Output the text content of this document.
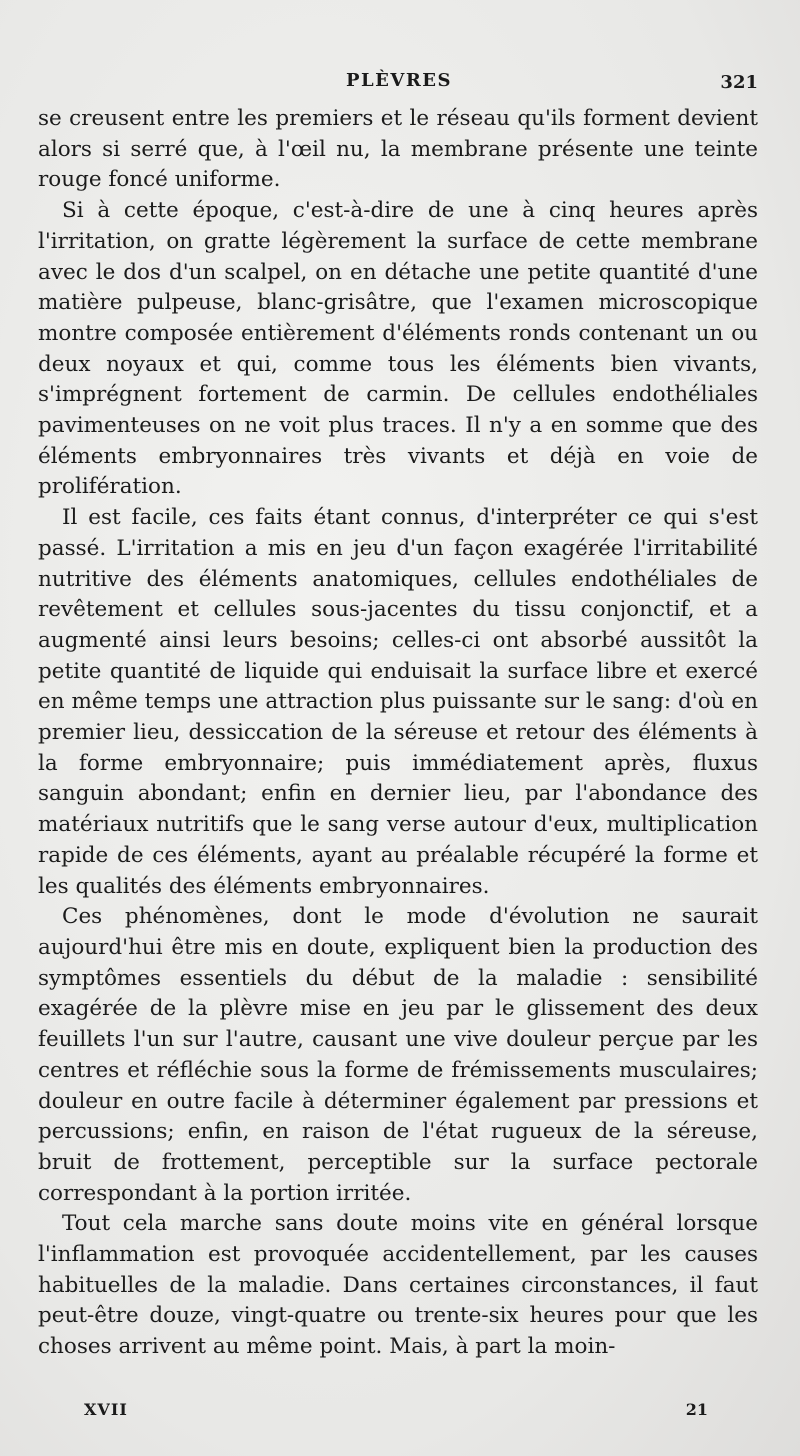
PLÈVRES	321

se creusent entre les premiers et le réseau qu'ils forment devient alors si serré que, à l'œil nu, la membrane présente une teinte rouge foncé uniforme.

Si à cette époque, c'est-à-dire de une à cinq heures après l'irritation, on gratte légèrement la surface de cette membrane avec le dos d'un scalpel, on en détache une petite quantité d'une matière pulpeuse, blanc-grisâtre, que l'examen microscopique montre composée entièrement d'éléments ronds contenant un ou deux noyaux et qui, comme tous les éléments bien vivants, s'imprégnent fortement de carmin. De cellules endothéliales pavimenteuses on ne voit plus traces. Il n'y a en somme que des éléments embryonnaires très vivants et déjà en voie de prolifération.

Il est facile, ces faits étant connus, d'interpréter ce qui s'est passé. L'irritation a mis en jeu d'un façon exagérée l'irritabilité nutritive des éléments anatomiques, cellules endothéliales de revêtement et cellules sous-jacentes du tissu conjonctif, et a augmenté ainsi leurs besoins; celles-ci ont absorbé aussitôt la petite quantité de liquide qui enduisait la surface libre et exercé en même temps une attraction plus puissante sur le sang: d'où en premier lieu, dessiccation de la séreuse et retour des éléments à la forme embryonnaire; puis immédiatement après, fluxus sanguin abondant; enfin en dernier lieu, par l'abondance des matériaux nutritifs que le sang verse autour d'eux, multiplication rapide de ces éléments, ayant au préalable récupéré la forme et les qualités des éléments embryonnaires.

Ces phénomènes, dont le mode d'évolution ne saurait aujourd'hui être mis en doute, expliquent bien la production des symptômes essentiels du début de la maladie : sensibilité exagérée de la plèvre mise en jeu par le glissement des deux feuillets l'un sur l'autre, causant une vive douleur perçue par les centres et réfléchie sous la forme de frémissements musculaires; douleur en outre facile à déterminer également par pressions et percussions; enfin, en raison de l'état rugueux de la séreuse, bruit de frottement, perceptible sur la surface pectorale correspondant à la portion irritée.

Tout cela marche sans doute moins vite en général lorsque l'inflammation est provoquée accidentellement, par les causes habituelles de la maladie. Dans certaines circonstances, il faut peut-être douze, vingt-quatre ou trente-six heures pour que les choses arrivent au même point. Mais, à part la moin-

XVII	21
